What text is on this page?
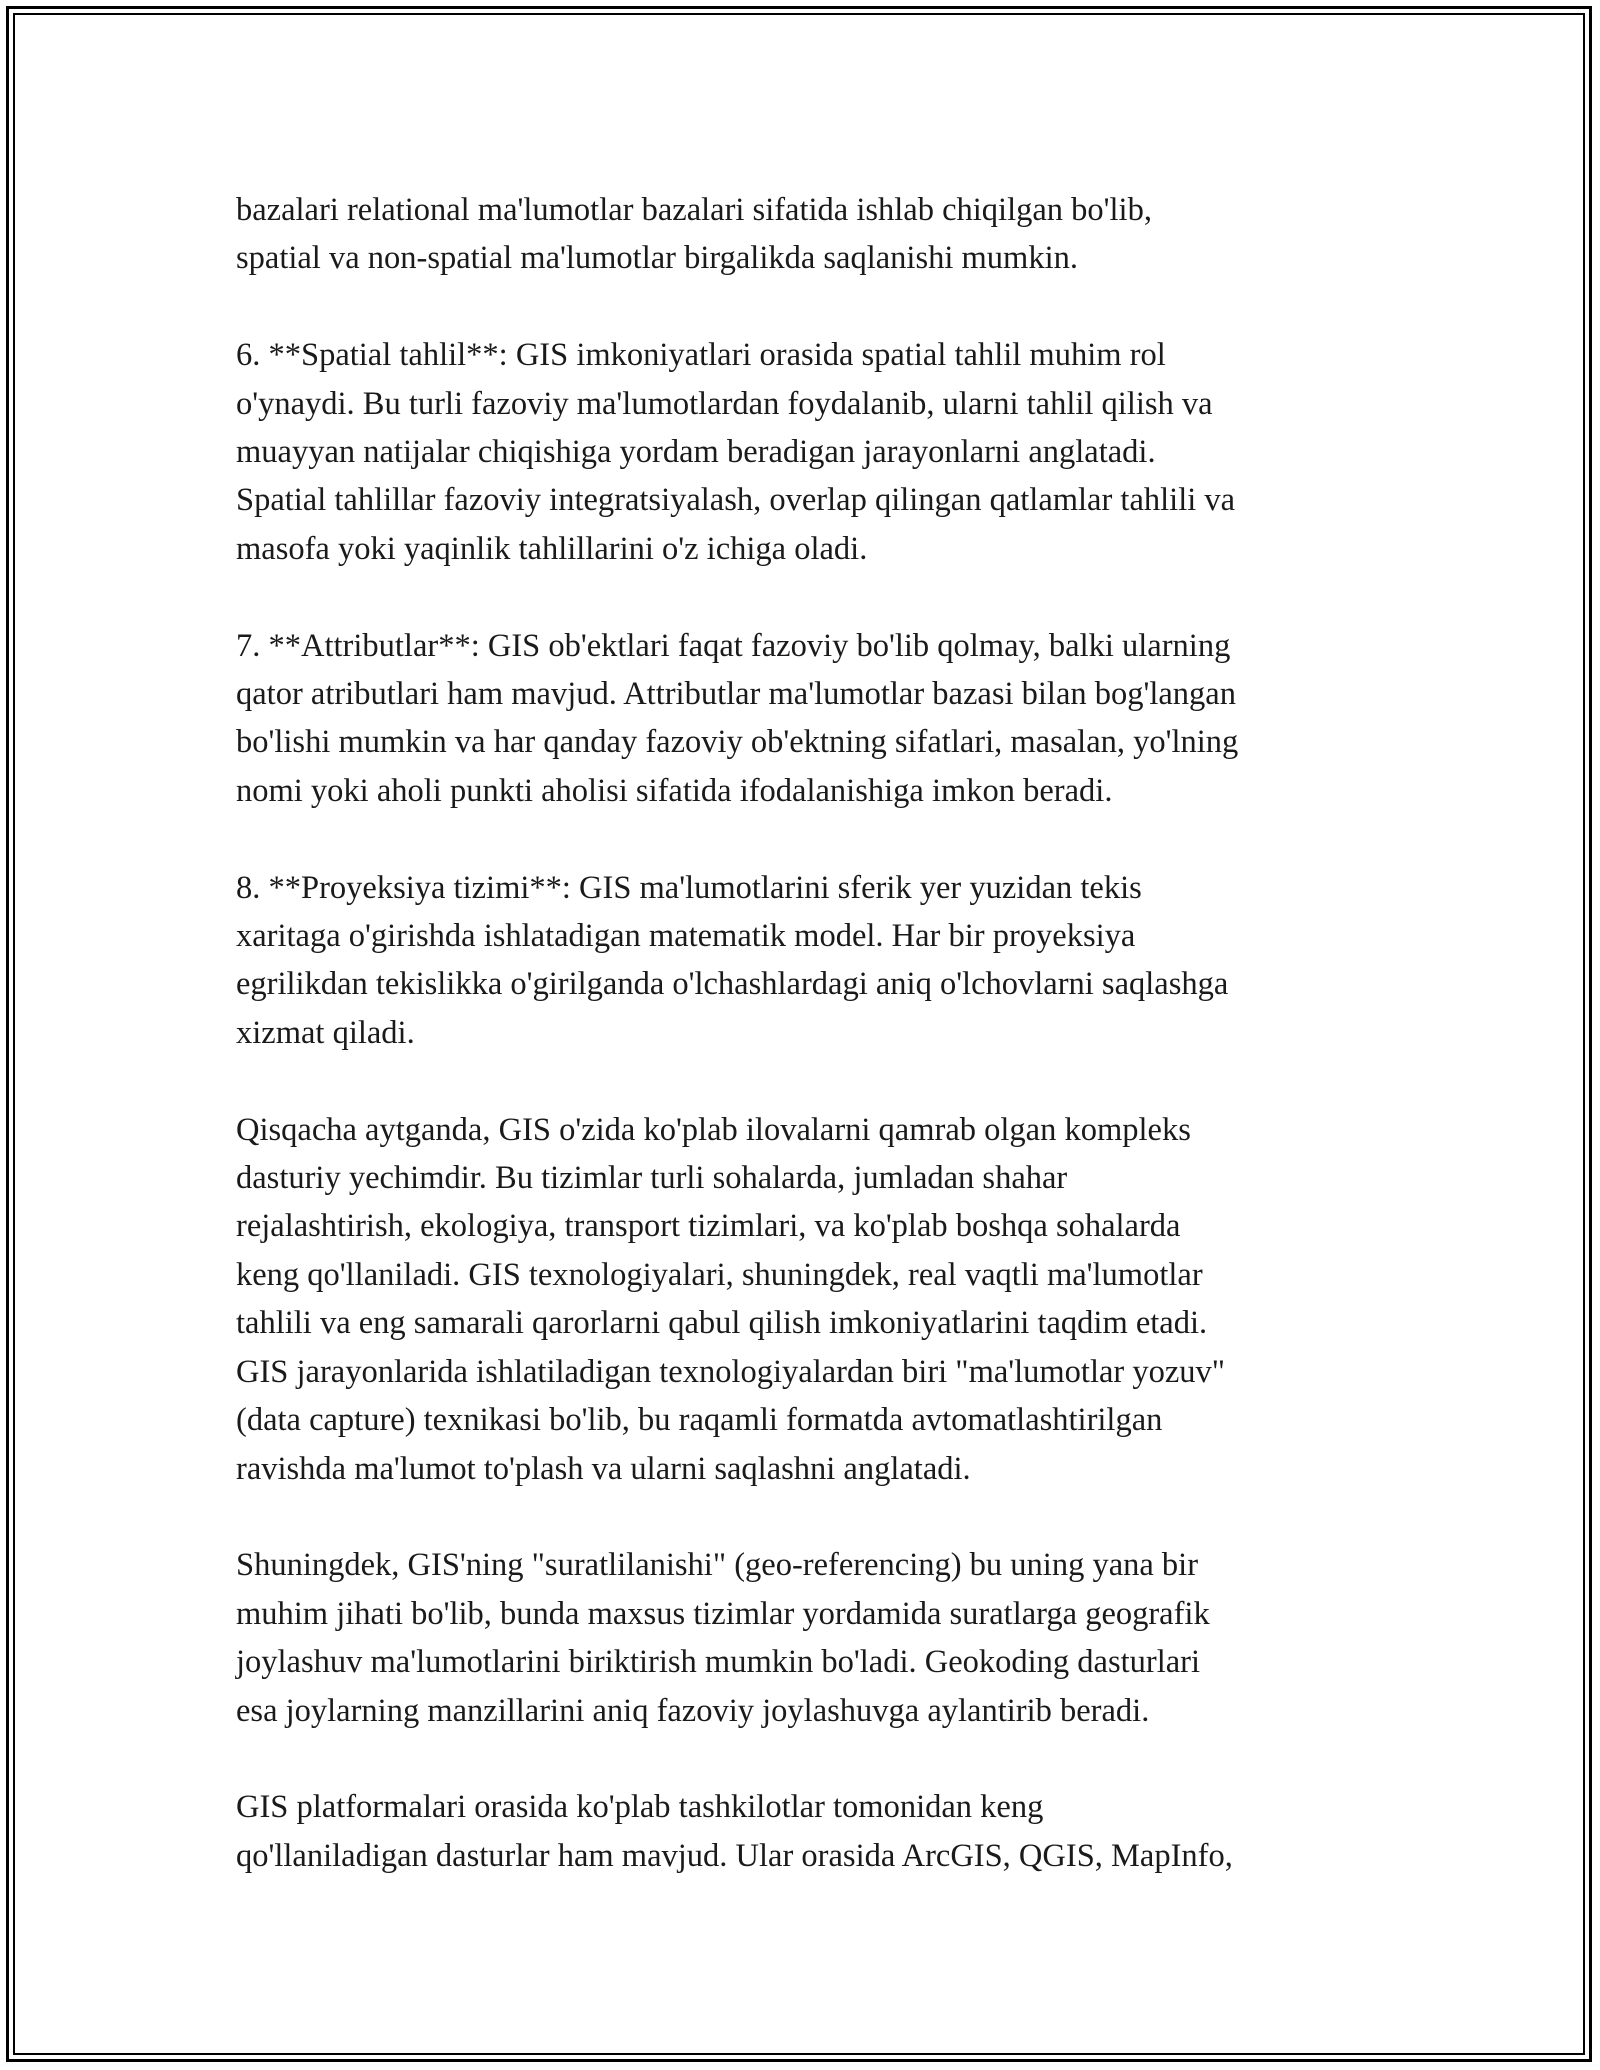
bazalari relational ma'lumotlar bazalari sifatida ishlab chiqilgan bo'lib,
spatial va non-spatial ma'lumotlar birgalikda saqlanishi mumkin.

6. **Spatial tahlil**: GIS imkoniyatlari orasida spatial tahlil muhim rol
o'ynaydi. Bu turli fazoviy ma'lumotlardan foydalanib, ularni tahlil qilish va
muayyan natijalar chiqishiga yordam beradigan jarayonlarni anglatadi.
Spatial tahlillar fazoviy integratsiyalash, overlap qilingan qatlamlar tahlili va
masofa yoki yaqinlik tahlillarini o'z ichiga oladi.

7. **Attributlar**: GIS ob'ektlari faqat fazoviy bo'lib qolmay, balki ularning
qator atributlari ham mavjud. Attributlar ma'lumotlar bazasi bilan bog'langan
bo'lishi mumkin va har qanday fazoviy ob'ektning sifatlari, masalan, yo'lning
nomi yoki aholi punkti aholisi sifatida ifodalanishiga imkon beradi.

8. **Proyeksiya tizimi**: GIS ma'lumotlarini sferik yer yuzidan tekis
xaritaga o'girishda ishlatadigan matematik model. Har bir proyeksiya
egrilikdan tekislikka o'girilganda o'lchashlardagi aniq o'lchovlarni saqlashga
xizmat qiladi.

Qisqacha aytganda, GIS o'zida ko'plab ilovalarni qamrab olgan kompleks
dasturiy yechimdir. Bu tizimlar turli sohalarda, jumladan shahar
rejalashtirish, ekologiya, transport tizimlari, va ko'plab boshqa sohalarda
keng qo'llaniladi. GIS texnologiyalari, shuningdek, real vaqtli ma'lumotlar
tahlili va eng samarali qarorlarni qabul qilish imkoniyatlarini taqdim etadi.
GIS jarayonlarida ishlatiladigan texnologiyalardan biri "ma'lumotlar yozuv"
(data capture) texnikasi bo'lib, bu raqamli formatda avtomatlashtirilgan
ravishda ma'lumot to'plash va ularni saqlashni anglatadi.

Shuningdek, GIS'ning "suratlilanishi" (geo-referencing) bu uning yana bir
muhim jihati bo'lib, bunda maxsus tizimlar yordamida suratlarga geografik
joylashuv ma'lumotlarini biriktirish mumkin bo'ladi. Geokoding dasturlari
esa joylarning manzillarini aniq fazoviy joylashuvga aylantirib beradi.

GIS platformalari orasida ko'plab tashkilotlar tomonidan keng
qo'llaniladigan dasturlar ham mavjud. Ular orasida ArcGIS, QGIS, MapInfo,
